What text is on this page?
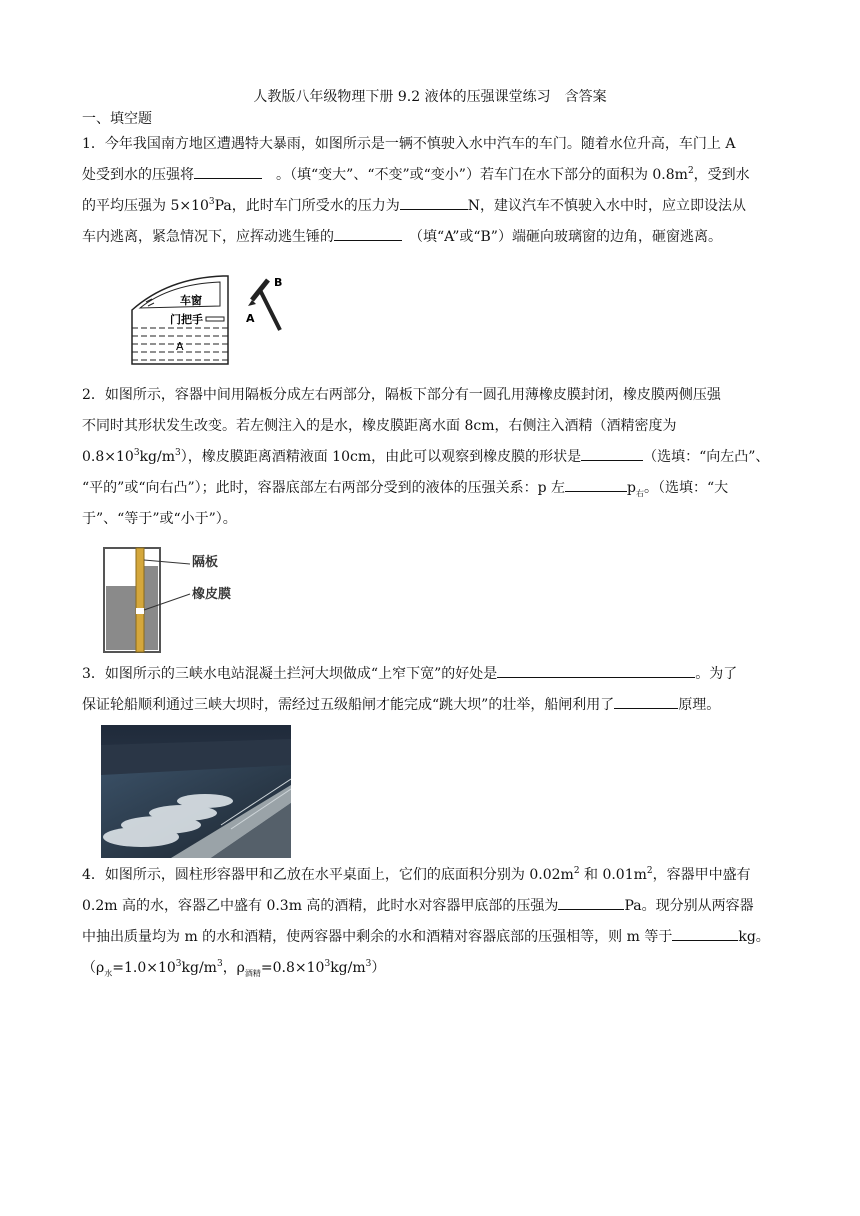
人教版八年级物理下册 9.2 液体的压强课堂练习　含答案
一、填空题
1．今年我国南方地区遭遇特大暴雨，如图所示是一辆不慎驶入水中汽车的车门。随着水位升高，车门上 A
处受到水的压强将　	。（填“变大”、“不变”或“变小”）若车门在水下部分的面积为 $0.8m^2$，受到水
的平均压强为 $5\times 10^3Pa$，此时车门所受水的压力为	N，建议汽车不慎驶入水中时，应立即设法从
车内逃离，紧急情况下，应挥动逃生锤的　	（填“A”或“B”）端砸向玻璃窗的边角，砸窗逃离。
车窗
门把手
A
A
B
2．如图所示，容器中间用隔板分成左右两部分，隔板下部分有一圆孔用薄橡皮膜封闭，橡皮膜两侧压强
不同时其形状发生改变。若左侧注入的是水，橡皮膜距离水面 8cm，右侧注入酒精（酒精密度为
$0.8\times 10^3kg/m^3$），橡皮膜距离酒精液面 10cm，由此可以观察到橡皮膜的形状是	（选填：“向左凸”、
“平的”或“向右凸”）；此时，容器底部左右两部分受到的液体的压强关系：p 左	$p_右$。（选填：“大
于”、“等于”或“小于”）。
隔板
橡皮膜
3．如图所示的三峡水电站混凝土拦河大坝做成“上窄下宽”的好处是	。为了
保证轮船顺利通过三峡大坝时，需经过五级船闸才能完成“跳大坝”的壮举，船闸利用了	原理。
4．如图所示，圆柱形容器甲和乙放在水平桌面上，它们的底面积分别为 $0.02m^2$ 和 $0.01m^2$，容器甲中盛有
0.2m 高的水，容器乙中盛有 0.3m 高的酒精，此时水对容器甲底部的压强为	Pa。现分别从两容器
中抽出质量均为 m 的水和酒精，使两容器中剩余的水和酒精对容器底部的压强相等，则 m 等于	kg。
（$\rho_水=1.0\times 10^3kg/m^3$，$\rho_{酒精}=0.8\times 10^3kg/m^3$）
